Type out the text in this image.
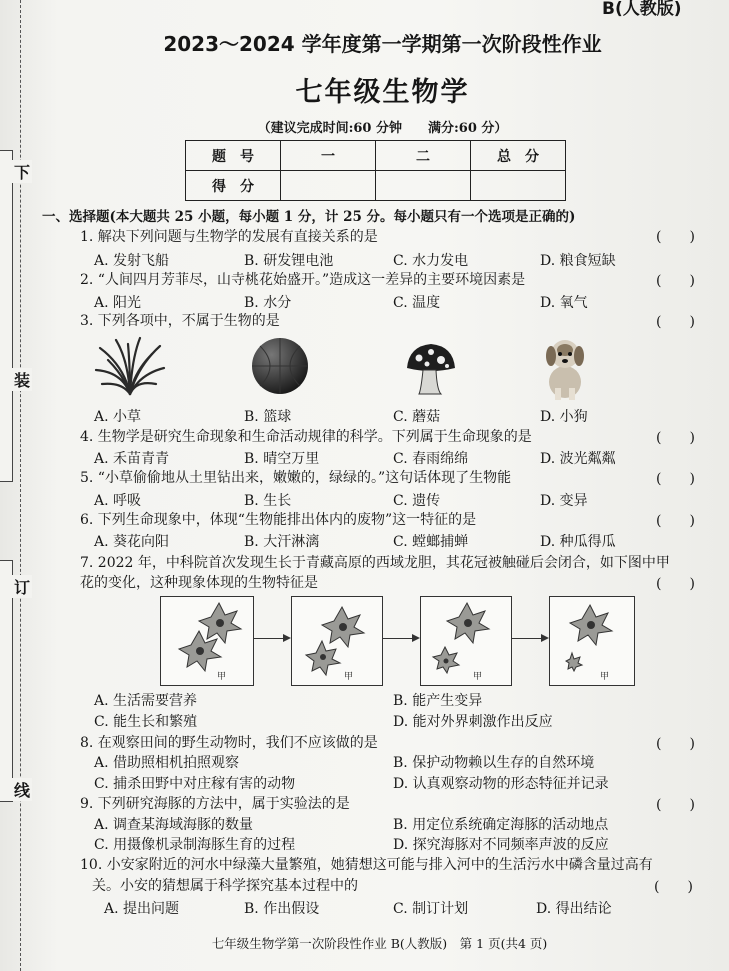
下
装
订
线
B(人教版)
2023～2024 学年度第一学期第一次阶段性作业
七年级生物学
（建议完成时间:60 分钟　　满分:60 分）
题　号	一	二	总　分
得　分			
一、选择题(本大题共 25 小题，每小题 1 分，计 25 分。每小题只有一个选项是正确的)
1. 解决下列问题与生物学的发展有直接关系的是	(　　)
A. 发射飞船	B. 研发锂电池	C. 水力发电	D. 粮食短缺
2. “人间四月芳菲尽，山寺桃花始盛开。”造成这一差异的主要环境因素是	(　　)
A. 阳光	B. 水分	C. 温度	D. 氧气
3. 下列各项中，不属于生物的是	(　　)
A. 小草	B. 篮球	C. 蘑菇	D. 小狗
4. 生物学是研究生命现象和生命活动规律的科学。下列属于生命现象的是	(　　)
A. 禾苗青青	B. 晴空万里	C. 春雨绵绵	D. 波光粼粼
5. “小草偷偷地从土里钻出来，嫩嫩的，绿绿的。”这句话体现了生物能	(　　)
A. 呼吸	B. 生长	C. 遗传	D. 变异
6. 下列生命现象中，体现“生物能排出体内的废物”这一特征的是	(　　)
A. 葵花向阳	B. 大汗淋漓	C. 螳螂捕蝉	D. 种瓜得瓜
7. 2022 年，中科院首次发现生长于青藏高原的西域龙胆，其花冠被触碰后会闭合，如下图中甲
花的变化，这种现象体现的生物特征是	(　　)
甲	甲	甲	甲
A. 生活需要营养	B. 能产生变异
C. 能生长和繁殖	D. 能对外界刺激作出反应
8. 在观察田间的野生动物时，我们不应该做的是	(　　)
A. 借助照相机拍照观察	B. 保护动物赖以生存的自然环境
C. 捕杀田野中对庄稼有害的动物	D. 认真观察动物的形态特征并记录
9. 下列研究海豚的方法中，属于实验法的是	(　　)
A. 调查某海域海豚的数量	B. 用定位系统确定海豚的活动地点
C. 用摄像机录制海豚生育的过程	D. 探究海豚对不同频率声波的反应
10. 小安家附近的河水中绿藻大量繁殖，她猜想这可能与排入河中的生活污水中磷含量过高有
关。小安的猜想属于科学探究基本过程中的	(　　)
A. 提出问题	B. 作出假设	C. 制订计划	D. 得出结论
七年级生物学第一次阶段性作业 B(人教版)　第 1 页(共4 页)
